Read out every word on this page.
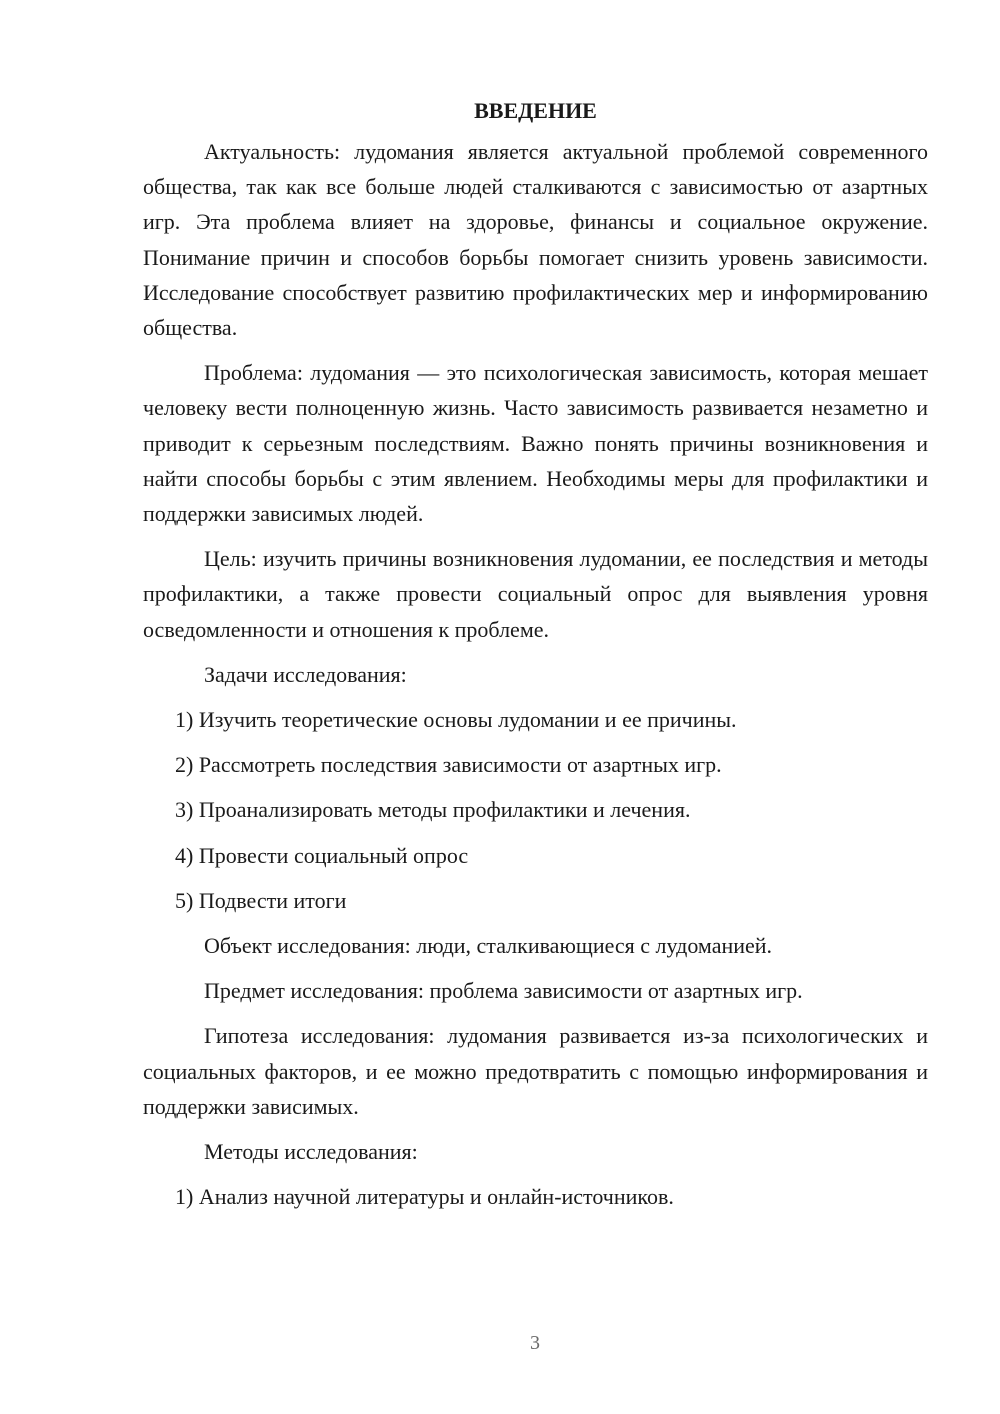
ВВЕДЕНИЕ

Актуальность: лудомания является актуальной проблемой современного общества, так как все больше людей сталкиваются с зависимостью от азартных игр. Эта проблема влияет на здоровье, финансы и социальное окружение. Понимание причин и способов борьбы помогает снизить уровень зависимости. Исследование способствует развитию профилактических мер и информированию общества.

Проблема: лудомания — это психологическая зависимость, которая мешает человеку вести полноценную жизнь. Часто зависимость развивается незаметно и приводит к серьезным последствиям. Важно понять причины возникновения и найти способы борьбы с этим явлением. Необходимы меры для профилактики и поддержки зависимых людей.

Цель: изучить причины возникновения лудомании, ее последствия и методы профилактики, а также провести социальный опрос для выявления уровня осведомленности и отношения к проблеме.

Задачи исследования:

1) Изучить теоретические основы лудомании и ее причины.

2) Рассмотреть последствия зависимости от азартных игр.

3) Проанализировать методы профилактики и лечения.

4) Провести социальный опрос

5) Подвести итоги

Объект исследования: люди, сталкивающиеся с лудоманией.

Предмет исследования: проблема зависимости от азартных игр.

Гипотеза исследования: лудомания развивается из-за психологических и социальных факторов, и ее можно предотвратить с помощью информирования и поддержки зависимых.

Методы исследования:

1) Анализ научной литературы и онлайн-источников.

3
